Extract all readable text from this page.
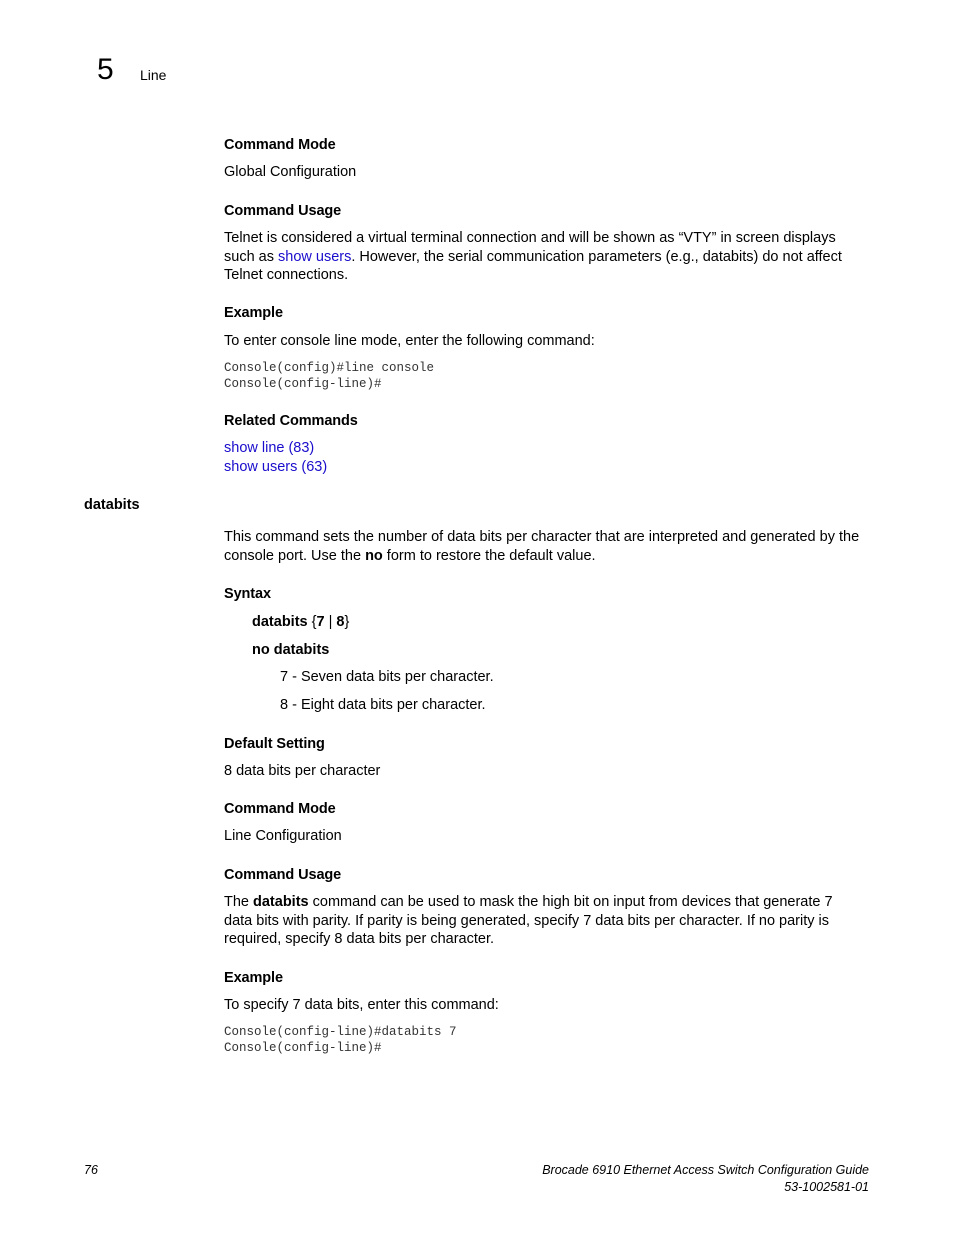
5 Line
Command Mode
Global Configuration
Command Usage
Telnet is considered a virtual terminal connection and will be shown as “VTY” in screen displays such as show users. However, the serial communication parameters (e.g., databits) do not affect Telnet connections.
Example
To enter console line mode, enter the following command:
Console(config)#line console
Console(config-line)#
Related Commands
show line (83)
show users (63)
databits
This command sets the number of data bits per character that are interpreted and generated by the console port. Use the no form to restore the default value.
Syntax
databits {7 | 8}
no databits
7 - Seven data bits per character.
8 - Eight data bits per character.
Default Setting
8 data bits per character
Command Mode
Line Configuration
Command Usage
The databits command can be used to mask the high bit on input from devices that generate 7 data bits with parity. If parity is being generated, specify 7 data bits per character. If no parity is required, specify 8 data bits per character.
Example
To specify 7 data bits, enter this command:
Console(config-line)#databits 7
Console(config-line)#
76	Brocade 6910 Ethernet Access Switch Configuration Guide
53-1002581-01
